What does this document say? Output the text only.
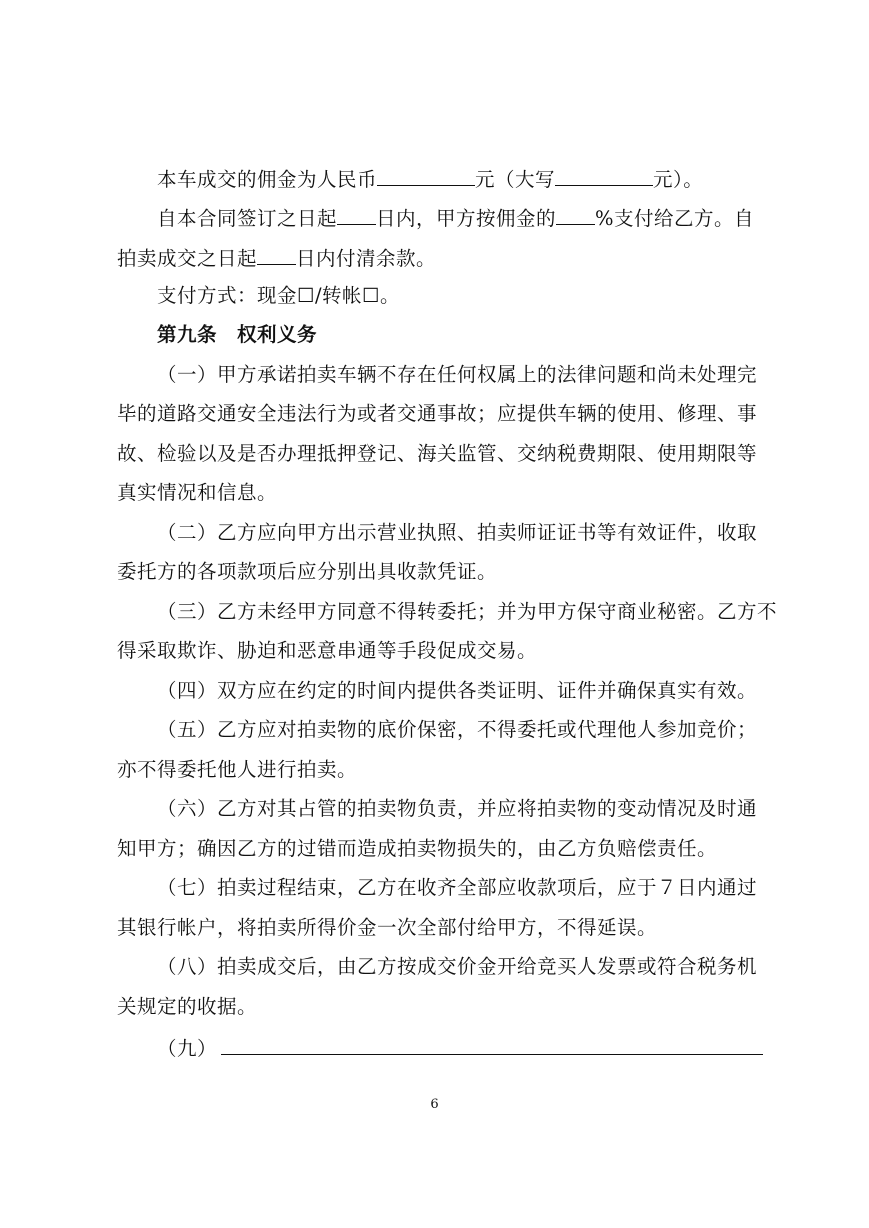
本车成交的佣金为人民币	元（大写	元）。
自本合同签订之日起 日内，甲方按佣金的 %支付给乙方。自
拍卖成交之日起 日内付清余款。
支付方式：现金☐/转帐☐。
第九条　权利义务
（一）甲方承诺拍卖车辆不存在任何权属上的法律问题和尚未处理完
毕的道路交通安全违法行为或者交通事故；应提供车辆的使用、修理、事
故、检验以及是否办理抵押登记、海关监管、交纳税费期限、使用期限等
真实情况和信息。
（二）乙方应向甲方出示营业执照、拍卖师证证书等有效证件，收取
委托方的各项款项后应分别出具收款凭证。
（三）乙方未经甲方同意不得转委托；并为甲方保守商业秘密。乙方不
得采取欺诈、胁迫和恶意串通等手段促成交易。
（四）双方应在约定的时间内提供各类证明、证件并确保真实有效。
（五）乙方应对拍卖物的底价保密，不得委托或代理他人参加竞价；
亦不得委托他人进行拍卖。
（六）乙方对其占管的拍卖物负责，并应将拍卖物的变动情况及时通
知甲方；确因乙方的过错而造成拍卖物损失的，由乙方负赔偿责任。
（七）拍卖过程结束，乙方在收齐全部应收款项后，应于７日内通过
其银行帐户，将拍卖所得价金一次全部付给甲方，不得延误。
（八）拍卖成交后，由乙方按成交价金开给竞买人发票或符合税务机
关规定的收据。
（九）
6
